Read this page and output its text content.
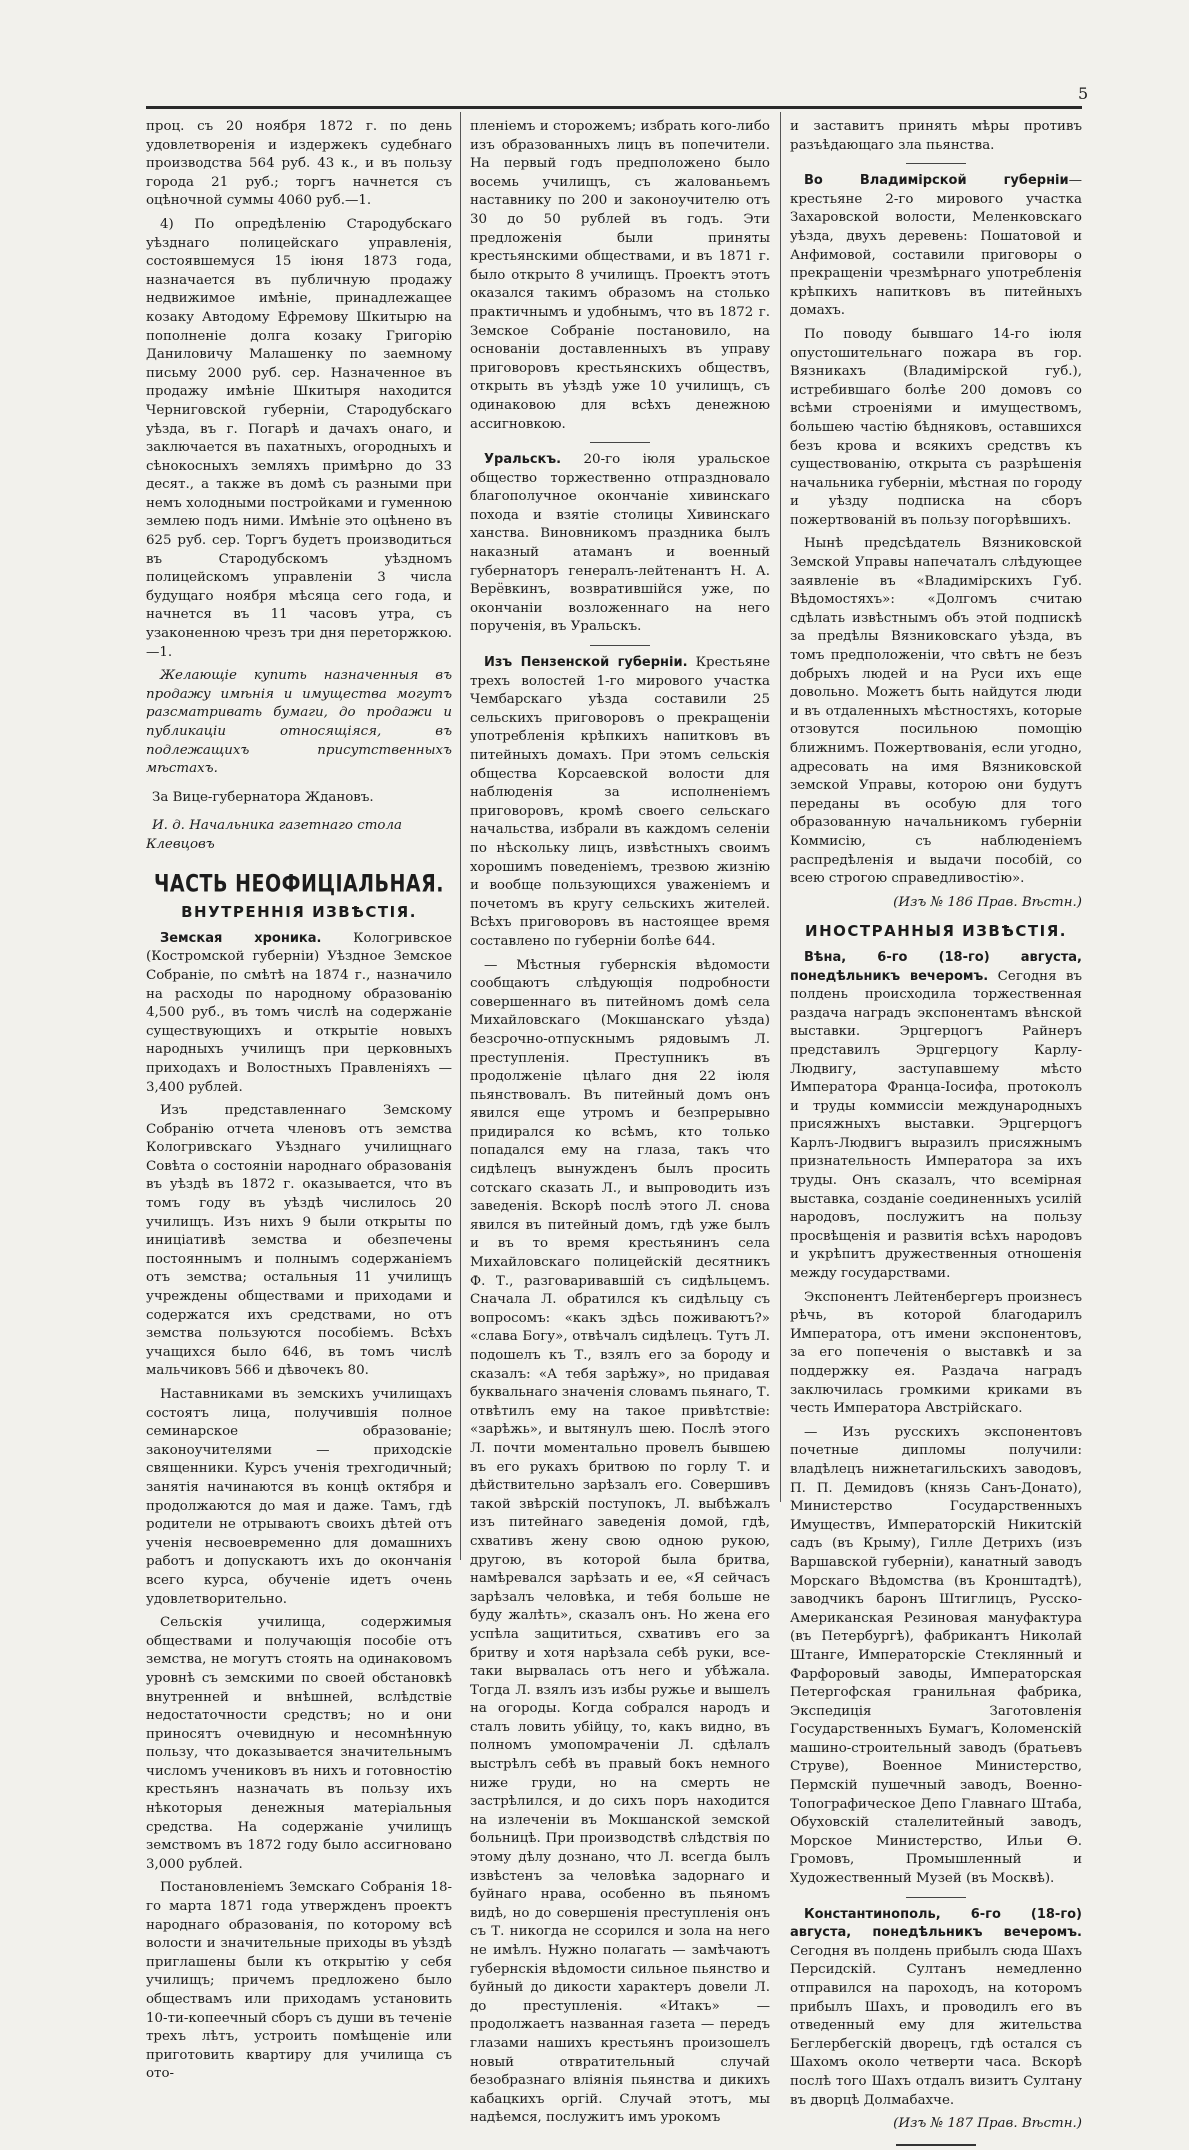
5

проц. съ 20 ноября 1872 г. по день удовлетворенія и издержекъ судебнаго производства 564 руб. 43 к., и въ пользу города 21 руб.; торгъ начнется съ оцѣночной суммы 4060 руб.—1.

4) По опредѣленію Стародубскаго уѣзднаго полицейскаго управленія, состоявшемуся 15 іюня 1873 года, назначается въ публичную продажу недвижимое имѣніе, принадлежащее козаку Автодому Ефремову Шкитырю на пополненіе долга козаку Григорію Даниловичу Малашенку по заемному письму 2000 руб. сер. Назначенное въ продажу имѣніе Шкитыря находится Черниговской губерніи, Стародубскаго уѣзда, въ г. Погарѣ и дачахъ онаго, и заключается въ пахатныхъ, огородныхъ и сѣнокосныхъ земляхъ примѣрно до 33 десят., а также въ домѣ съ разными при немъ холодными постройками и гуменною землею подъ ними. Имѣніе это оцѣнено въ 625 руб. сер. Торгъ будетъ производиться въ Стародубскомъ уѣздномъ полицейскомъ управленіи 3 числа будущаго ноября мѣсяца сего года, и начнется въ 11 часовъ утра, съ узаконенною чрезъ три дня переторжкою.—1.

Желающіе купить назначенныя въ продажу имѣнія и имущества могутъ разсматривать бумаги, до продажи и публикаціи относящіяся, въ подлежащихъ присутственныхъ мѣстахъ.

За Вице-губернатора Ждановъ.
И. д. Начальника газетнаго стола Клевцовъ
ЧАСТЬ НЕОФИЦІАЛЬНАЯ.
ВНУТРЕННІЯ ИЗВѢСТІЯ.

Земская хроника. Кологривское (Костромской губерніи) Уѣздное Земское Собраніе, по смѣтѣ на 1874 г., назначило на расходы по народному образованію 4,500 руб., въ томъ числѣ на содержаніе существующихъ и открытіе новыхъ народныхъ училищъ при церковныхъ приходахъ и Волостныхъ Правленіяхъ — 3,400 рублей.

Изъ представленнаго Земскому Собранію отчета членовъ отъ земства Кологривскаго Уѣзднаго училищнаго Совѣта о состояніи народнаго образованія въ уѣздѣ въ 1872 г. оказывается, что въ томъ году въ уѣздѣ числилось 20 училищъ. Изъ нихъ 9 были открыты по иниціативѣ земства и обезпечены постояннымъ и полнымъ содержаніемъ отъ земства; остальныя 11 училищъ учреждены обществами и приходами и содержатся ихъ средствами, но отъ земства пользуются пособіемъ. Всѣхъ учащихся было 646, въ томъ числѣ мальчиковъ 566 и дѣвочекъ 80.

Наставниками въ земскихъ училищахъ состоятъ лица, получившія полное семинарское образованіе; законоучителями — приходскіе священники. Курсъ ученія трехгодичный; занятія начинаются въ концѣ октября и продолжаются до мая и даже. Тамъ, гдѣ родители не отрываютъ своихъ дѣтей отъ ученія несвоевременно для домашнихъ работъ и допускаютъ ихъ до окончанія всего курса, обученіе идетъ очень удовлетворительно.

Сельскія училища, содержимыя обществами и получающія пособіе отъ земства, не могутъ стоять на одинаковомъ уровнѣ съ земскими по своей обстановкѣ внутренней и внѣшней, вслѣдствіе недостаточности средствъ; но и они приносятъ очевидную и несомнѣнную пользу, что доказывается значительнымъ числомъ учениковъ въ нихъ и готовностію крестьянъ назначать въ пользу ихъ нѣкоторыя денежныя матеріальныя средства. На содержаніе училищъ земствомъ въ 1872 году было ассигновано 3,000 рублей.

Постановленіемъ Земскаго Собранія 18-го марта 1871 года утвержденъ проектъ народнаго образованія, по которому всѣ волости и значительные приходы въ уѣздѣ приглашены были къ открытію у себя училищъ; причемъ предложено было обществамъ или приходамъ установить 10-ти-копеечный сборъ съ души въ теченіе трехъ лѣтъ, устроить помѣщеніе или приготовить квартиру для училища съ ото-

пленіемъ и сторожемъ; избрать кого-либо изъ образованныхъ лицъ въ попечители. На первый годъ предположено было восемь училищъ, съ жалованьемъ наставнику по 200 и законоучителю отъ 30 до 50 рублей въ годъ. Эти предложенія были приняты крестьянскими обществами, и въ 1871 г. было открыто 8 училищъ. Проектъ этотъ оказался такимъ образомъ на столько практичнымъ и удобнымъ, что въ 1872 г. Земское Собраніе постановило, на основаніи доставленныхъ въ управу приговоровъ крестьянскихъ обществъ, открыть въ уѣздѣ уже 10 училищъ, съ одинаковою для всѣхъ денежною ассигновкою.

Уральскъ. 20-го іюля уральское общество торжественно отпраздновало благополучное окончаніе хивинскаго похода и взятіе столицы Хивинскаго ханства. Виновникомъ праздника былъ наказный атаманъ и военный губернаторъ генералъ-лейтенантъ Н. А. Верёвкинъ, возвратившійся уже, по окончаніи возложеннаго на него порученія, въ Уральскъ.

Изъ Пензенской губерніи. Крестьяне трехъ волостей 1-го мирового участка Чембарскаго уѣзда составили 25 сельскихъ приговоровъ о прекращеніи употребленія крѣпкихъ напитковъ въ питейныхъ домахъ. При этомъ сельскія общества Корсаевской волости для наблюденія за исполненіемъ приговоровъ, кромѣ своего сельскаго начальства, избрали въ каждомъ селеніи по нѣскольку лицъ, извѣстныхъ своимъ хорошимъ поведеніемъ, трезвою жизнію и вообще пользующихся уваженіемъ и почетомъ въ кругу сельскихъ жителей. Всѣхъ приговоровъ въ настоящее время составлено по губерніи болѣе 644.

— Мѣстныя губернскія вѣдомости сообщаютъ слѣдующія подробности совершеннаго въ питейномъ домѣ села Михайловскаго (Мокшанскаго уѣзда) безсрочно-отпускнымъ рядовымъ Л. преступленія. Преступникъ въ продолженіе цѣлаго дня 22 іюля пьянствовалъ. Въ питейный домъ онъ явился еще утромъ и безпрерывно придирался ко всѣмъ, кто только попадался ему на глаза, такъ что сидѣлецъ вынужденъ былъ просить сотскаго сказать Л., и выпроводить изъ заведенія. Вскорѣ послѣ этого Л. снова явился въ питейный домъ, гдѣ уже былъ и въ то время крестьянинъ села Михайловскаго полицейскій десятникъ Ф. Т., разговаривавшій съ сидѣльцемъ. Сначала Л. обратился къ сидѣльцу съ вопросомъ: «какъ здѣсь поживаютъ?» «слава Богу», отвѣчалъ сидѣлецъ. Тутъ Л. подошелъ къ Т., взялъ его за бороду и сказалъ: «А тебя зарѣжу», но придавая буквальнаго значенія словамъ пьянаго, Т. отвѣтилъ ему на такое привѣтствіе: «зарѣжь», и вытянулъ шею. Послѣ этого Л. почти моментально провелъ бывшею въ его рукахъ бритвою по горлу Т. и дѣйствительно зарѣзалъ его. Совершивъ такой звѣрскій поступокъ, Л. выбѣжалъ изъ питейнаго заведенія домой, гдѣ, схвативъ жену свою одною рукою, другою, въ которой была бритва, намѣревался зарѣзать и ее, «Я сейчасъ зарѣзалъ человѣка, и тебя больше не буду жалѣть», сказалъ онъ. Но жена его успѣла защититься, схвативъ его за бритву и хотя нарѣзала себѣ руки, все-таки вырвалась отъ него и убѣжала. Тогда Л. взялъ изъ избы ружье и вышелъ на огороды. Когда собрался народъ и сталъ ловить убійцу, то, какъ видно, въ полномъ умопомраченіи Л. сдѣлалъ выстрѣлъ себѣ въ правый бокъ немного ниже груди, но на смерть не застрѣлился, и до сихъ поръ находится на излеченіи въ Мокшанской земской больницѣ. При производствѣ слѣдствія по этому дѣлу дознано, что Л. всегда былъ извѣстенъ за человѣка задорнаго и буйнаго нрава, особенно въ пьяномъ видѣ, но до совершенія преступленія онъ съ Т. никогда не ссорился и зола на него не имѣлъ. Нужно полагать — замѣчаютъ губернскія вѣдомости сильное пьянство и буйный до дикости характеръ довели Л. до преступленія. «Итакъ» — продолжаетъ названная газета — передъ глазами нашихъ крестьянъ произошелъ новый отвратительный случай безобразнаго вліянія пьянства и дикихъ кабацкихъ оргій. Случай этотъ, мы надѣемся, послужитъ имъ урокомъ

и заставитъ принять мѣры противъ разъѣдающаго зла пьянства.

Во Владимірской губерніи— крестьяне 2-го мирового участка Захаровской волости, Меленковскаго уѣзда, двухъ деревень: Пошатовой и Анфимовой, составили приговоры о прекращеніи чрезмѣрнаго употребленія крѣпкихъ напитковъ въ питейныхъ домахъ.

По поводу бывшаго 14-го іюля опустошительнаго пожара въ гор. Вязникахъ (Владимірской губ.), истребившаго болѣе 200 домовъ со всѣми строеніями и имуществомъ, большею частію бѣдняковъ, оставшихся безъ крова и всякихъ средствъ къ существованію, открыта съ разрѣшенія начальника губерніи, мѣстная по городу и уѣзду подписка на сборъ пожертвованій въ пользу погорѣвшихъ.

Нынѣ предсѣдатель Вязниковской Земской Управы напечаталъ слѣдующее заявленіе въ «Владимірскихъ Губ. Вѣдомостяхъ»: «Долгомъ считаю сдѣлать извѣстнымъ объ этой подпискѣ за предѣлы Вязниковскаго уѣзда, въ томъ предположеніи, что свѣтъ не безъ добрыхъ людей и на Руси ихъ еще довольно. Можетъ быть найдутся люди и въ отдаленныхъ мѣстностяхъ, которые отзовутся посильною помощію ближнимъ. Пожертвованія, если угодно, адресовать на имя Вязниковской земской Управы, которою они будутъ переданы въ особую для того образованную начальникомъ губерніи Коммисію, съ наблюденіемъ распредѣленія и выдачи пособій, со всею строгою справедливостію».

(Изъ № 186 Прав. Вѣстн.)
ИНОСТРАННЫЯ ИЗВѢСТІЯ.

Вѣна, 6-го (18-го) августа, понедѣльникъ вечеромъ. Сегодня въ полдень происходила торжественная раздача наградъ экспонентамъ вѣнской выставки. Эрцгерцогъ Райнеръ представилъ Эрцгерцогу Карлу-Людвигу, заступавшему мѣсто Императора Франца-Іосифа, протоколъ и труды коммиссіи международныхъ присяжныхъ выставки. Эрцгерцогъ Карлъ-Людвигъ выразилъ присяжнымъ признательность Императора за ихъ труды. Онъ сказалъ, что всемірная выставка, созданіе соединенныхъ усилій народовъ, послужитъ на пользу просвѣщенія и развитія всѣхъ народовъ и укрѣпитъ дружественныя отношенія между государствами.

Экспонентъ Лейтенбергеръ произнесъ рѣчь, въ которой благодарилъ Императора, отъ имени экспонентовъ, за его попеченія о выставкѣ и за поддержку ея. Раздача наградъ заключилась громкими криками въ честь Императора Австрійскаго.

— Изъ русскихъ экспонентовъ почетные дипломы получили: владѣлецъ нижнетагильскихъ заводовъ, П. П. Демидовъ (князь Санъ-Донато), Министерство Государственныхъ Имуществъ, Императорскій Никитскій садъ (въ Крыму), Гилле Детрихъ (изъ Варшавской губерніи), канатный заводъ Морскаго Вѣдомства (въ Кронштадтѣ), заводчикъ баронъ Штиглицъ, Русско-Американская Резиновая мануфактура (въ Петербургѣ), фабрикантъ Николай Штанге, Императорскіе Стеклянный и Фарфоровый заводы, Императорская Петергофская гранильная фабрика, Экспедиція Заготовленія Государственныхъ Бумагъ, Коломенскій машино-строительный заводъ (братьевъ Струве), Военное Министерство, Пермскій пушечный заводъ, Военно-Топографическое Депо Главнаго Штаба, Обуховскій сталелитейный заводъ, Морское Министерство, Ильи Ѳ. Громовъ, Промышленный и Художественный Музей (въ Москвѣ).

Константинополь, 6-го (18-го) августа, понедѣльникъ вечеромъ. Сегодня въ полдень прибылъ сюда Шахъ Персидскій. Султанъ немедленно отправился на пароходъ, на которомъ прибылъ Шахъ, и проводилъ его въ отведенный ему для жительства Беглербегскій дворецъ, гдѣ остался съ Шахомъ около четверти часа. Вскорѣ послѣ того Шахъ отдалъ визитъ Султану въ дворцѣ Долмабахче.

(Изъ № 187 Прав. Вѣстн.)
